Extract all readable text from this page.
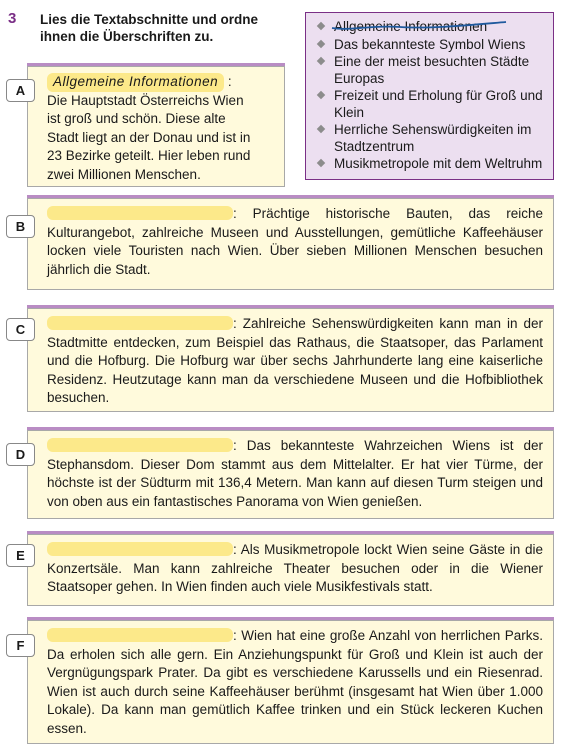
3 Lies die Textabschnitte und ordne ihnen die Überschriften zu.
Allgemeine Informationen
Das bekannteste Symbol Wiens
Eine der meist besuchten Städte Europas
Freizeit und Erholung für Groß und Klein
Herrliche Sehenswürdigkeiten im Stadtzentrum
Musikmetropole mit dem Weltruhm
A
Allgemeine Informationen :
Die Hauptstadt Österreichs Wien
ist groß und schön. Diese alte
Stadt liegt an der Donau und ist in
23 Bezirke geteilt. Hier leben rund
zwei Millionen Menschen.
B
: Prächtige historische Bauten, das reiche Kulturangebot, zahlreiche Museen und Ausstellungen, gemütliche Kaffeehäuser locken viele Touristen nach Wien. Über sieben Millionen Menschen besuchen jährlich die Stadt.
C	: Zahlreiche Sehenswürdigkeiten kann man in der Stadtmitte entdecken, zum Beispiel das Rathaus, die Staatsoper, das Parlament und die Hofburg. Die Hofburg war über sechs Jahrhunderte lang eine kaiserliche Residenz. Heutzutage kann man da verschiedene Museen und die Hofbibliothek besuchen.
D
: Das bekannteste Wahrzeichen Wiens ist der Stephansdom. Dieser Dom stammt aus dem Mittelalter. Er hat vier Türme, der höchste ist der Südturm mit 136,4 Metern. Man kann auf diesen Turm steigen und von oben aus ein fantastisches Panorama von Wien genießen.
E	: Als Musikmetropole lockt Wien seine Gäste in die Konzertsäle. Man kann zahlreiche Theater besuchen oder in die Wiener Staatsoper gehen. In Wien finden auch viele Musikfestivals statt.
F
: Wien hat eine große Anzahl von herrlichen Parks. Da erholen sich alle gern. Ein Anziehungspunkt für Groß und Klein ist auch der Vergnügungspark Prater. Da gibt es verschiedene Karussells und ein Riesenrad. Wien ist auch durch seine Kaffeehäuser berühmt (insgesamt hat Wien über 1.000 Lokale). Da kann man gemütlich Kaffee trinken und ein Stück leckeren Kuchen essen.
